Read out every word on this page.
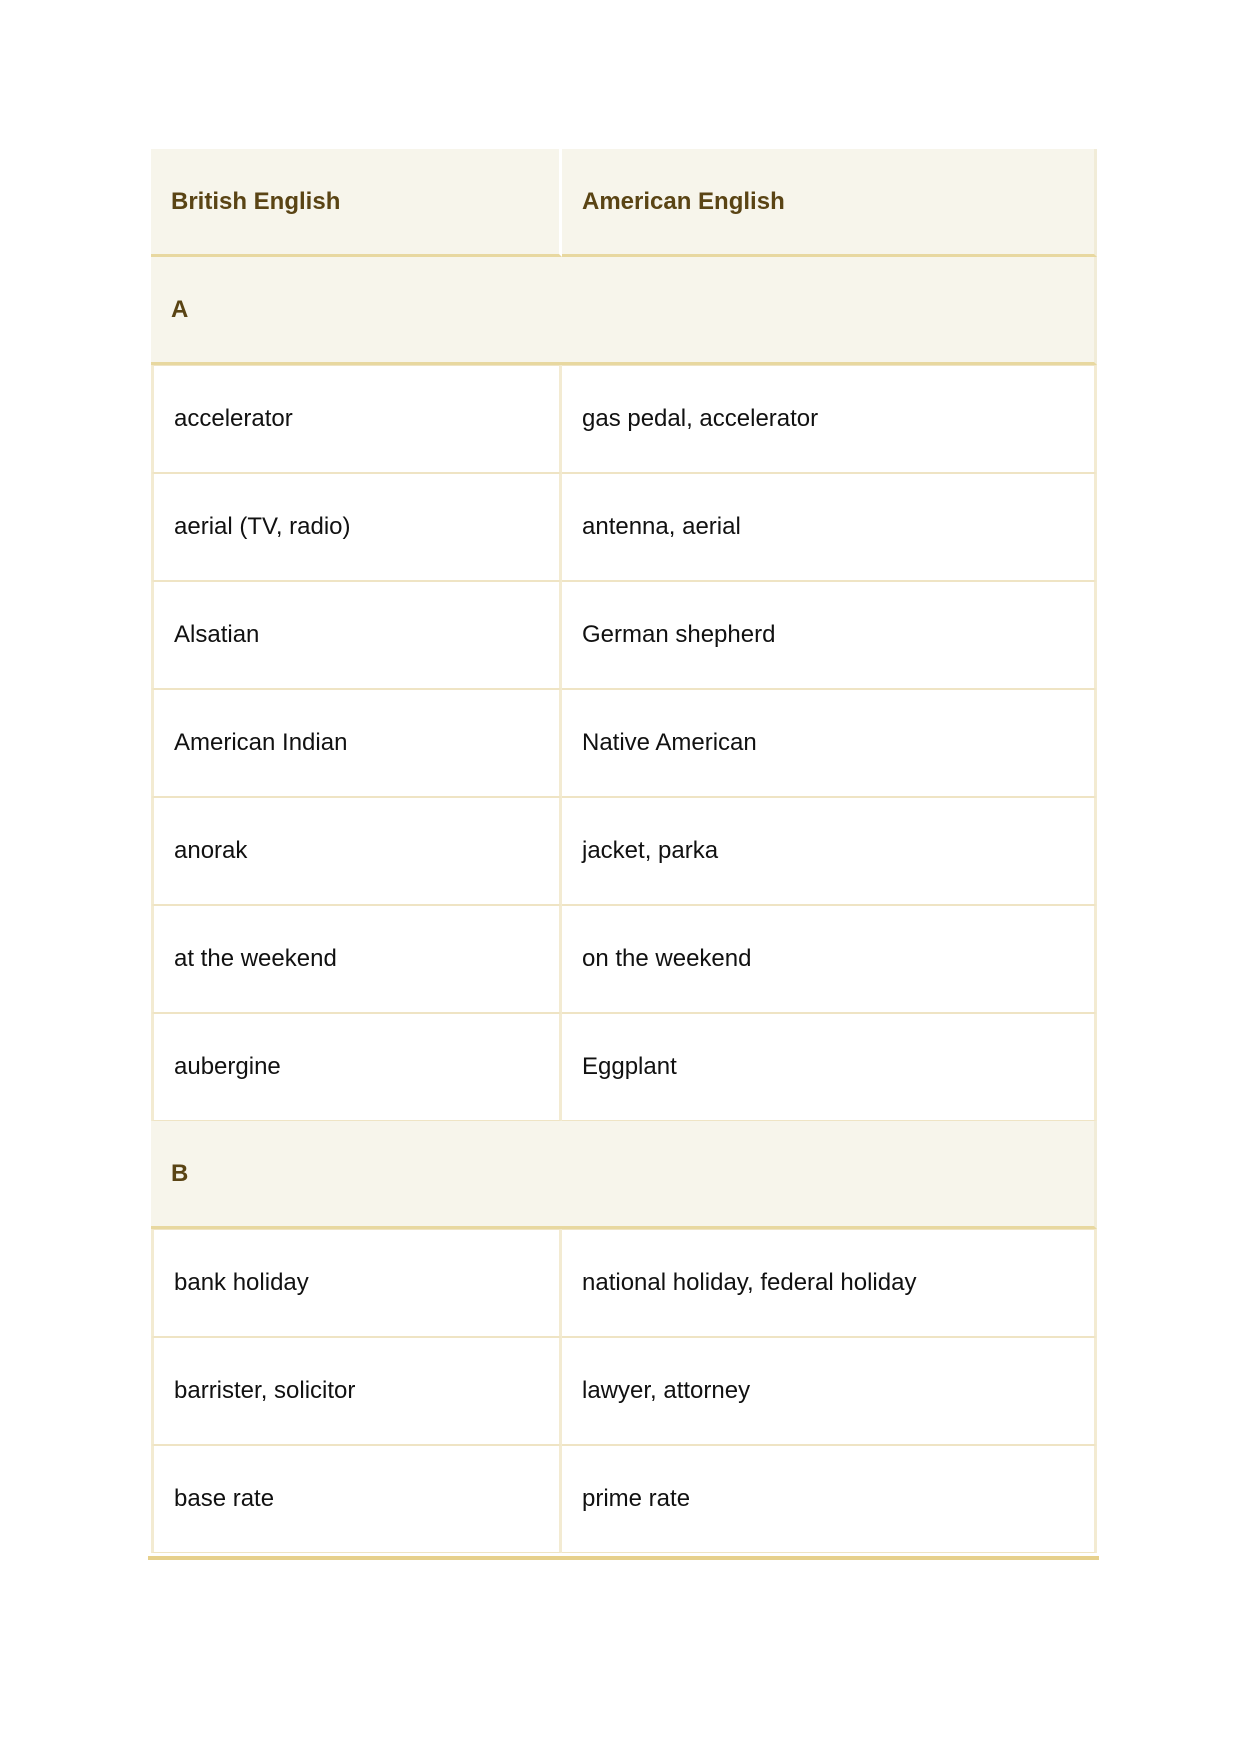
British English	American English
A	
accelerator	gas pedal, accelerator
aerial (TV, radio)	antenna, aerial
Alsatian	German shepherd
American Indian	Native American
anorak	jacket, parka
at the weekend	on the weekend
aubergine	Eggplant
B	
bank holiday	national holiday, federal holiday
barrister, solicitor	lawyer, attorney
base rate	prime rate
